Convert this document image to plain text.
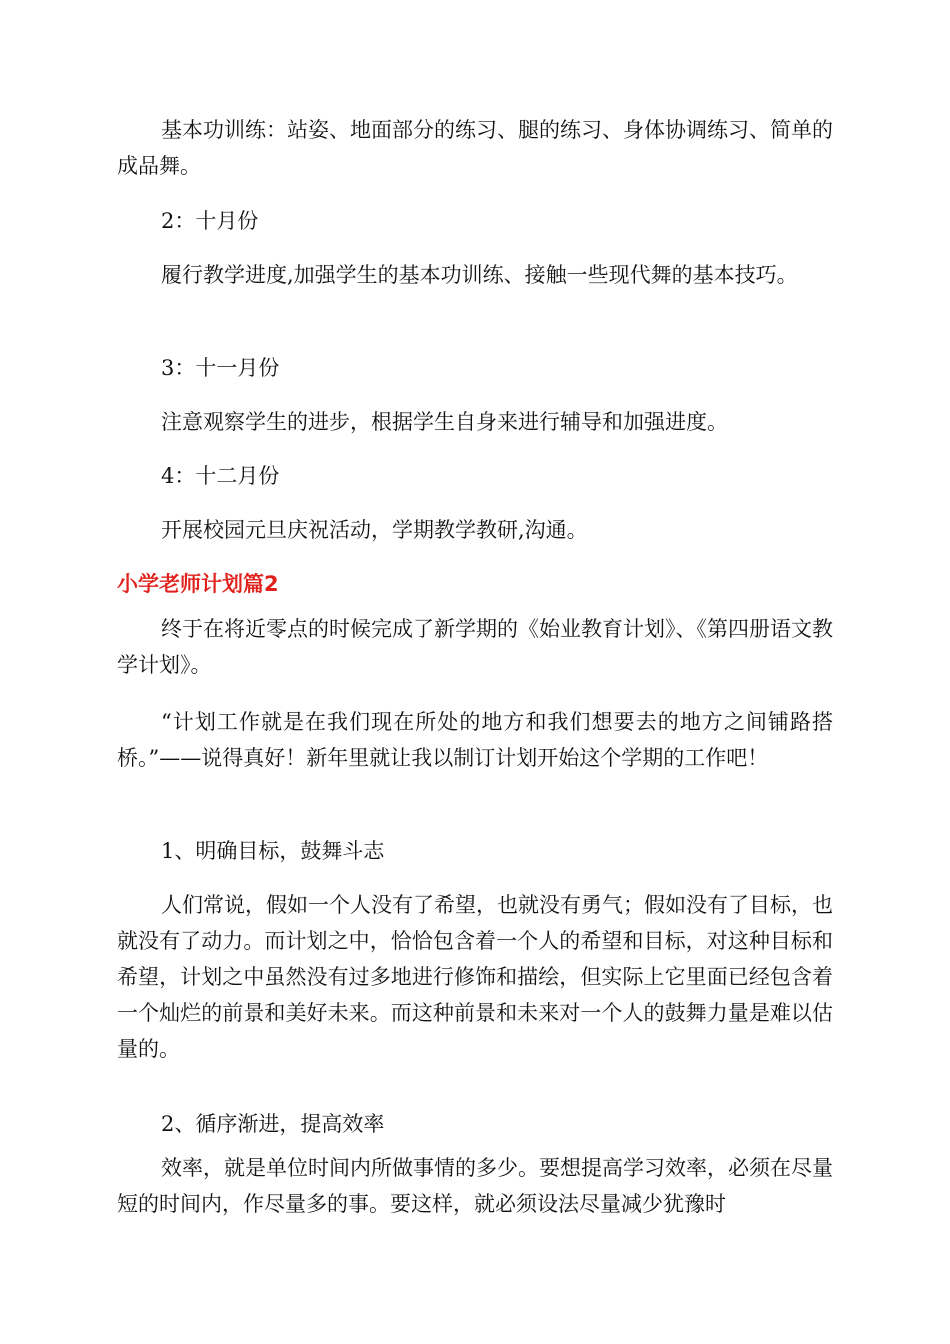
基本功训练：站姿、地面部分的练习、腿的练习、身体协调练习、简单的成品舞。

2：十月份

履行教学进度,加强学生的基本功训练、接触一些现代舞的基本技巧。

3：十一月份

注意观察学生的进步，根据学生自身来进行辅导和加强进度。

4：十二月份

开展校园元旦庆祝活动，学期教学教研,沟通。

小学老师计划篇2

终于在将近零点的时候完成了新学期的《始业教育计划》、《第四册语文教学计划》。

“计划工作就是在我们现在所处的地方和我们想要去的地方之间铺路搭桥。”——说得真好！新年里就让我以制订计划开始这个学期的工作吧！

1、明确目标，鼓舞斗志

人们常说，假如一个人没有了希望，也就没有勇气；假如没有了目标，也就没有了动力。而计划之中，恰恰包含着一个人的希望和目标，对这种目标和希望，计划之中虽然没有过多地进行修饰和描绘，但实际上它里面已经包含着一个灿烂的前景和美好未来。而这种前景和未来对一个人的鼓舞力量是难以估量的。

2、循序渐进，提高效率

效率，就是单位时间内所做事情的多少。要想提高学习效率，必须在尽量短的时间内，作尽量多的事。要这样，就必须设法尽量减少犹豫时
